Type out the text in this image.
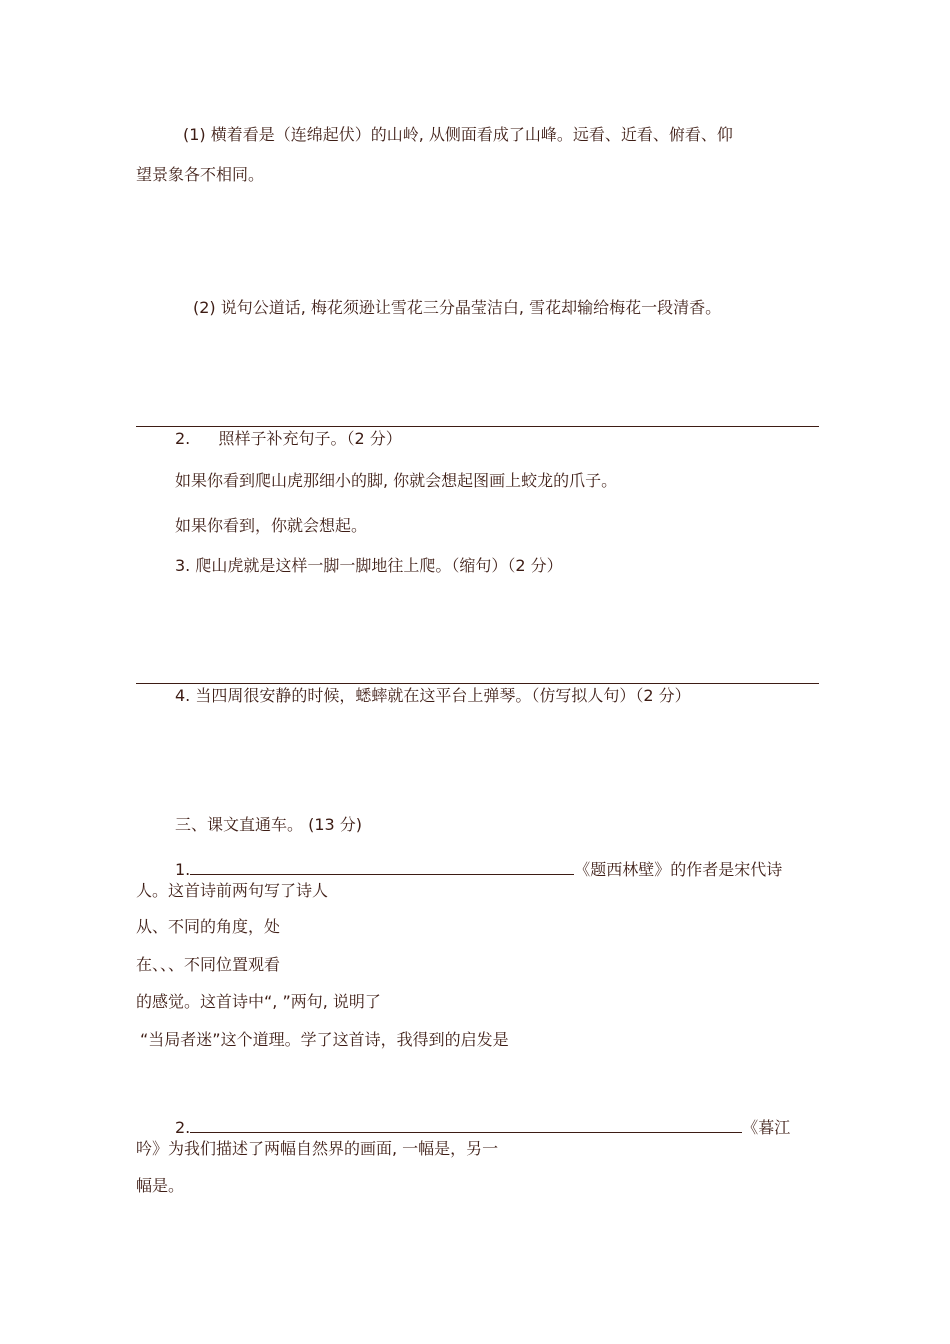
(1) 横着看是（连绵起伏）的山岭, 从侧面看成了山峰。远看、近看、俯看、仰
望景象各不相同。
(2) 说句公道话, 梅花须逊让雪花三分晶莹洁白, 雪花却输给梅花一段清香。
2. 照样子补充句子。（2 分）
如果你看到爬山虎那细小的脚, 你就会想起图画上蛟龙的爪子。
如果你看到，你就会想起。
3. 爬山虎就是这样一脚一脚地往上爬。（缩句）（2 分）
4. 当四周很安静的时候，蟋蟀就在这平台上弹琴。（仿写拟人句）（2 分）
三、课文直通车。 (13 分)
1.	《题西林壁》的作者是宋代诗
人。这首诗前两句写了诗人
从、不同的角度，处
在、、、不同位置观看
的感觉。这首诗中“, ”两句, 说明了
“当局者迷”这个道理。学了这首诗，我得到的启发是
2.	《暮江
吟》为我们描述了两幅自然界的画面, 一幅是，另一
幅是。
